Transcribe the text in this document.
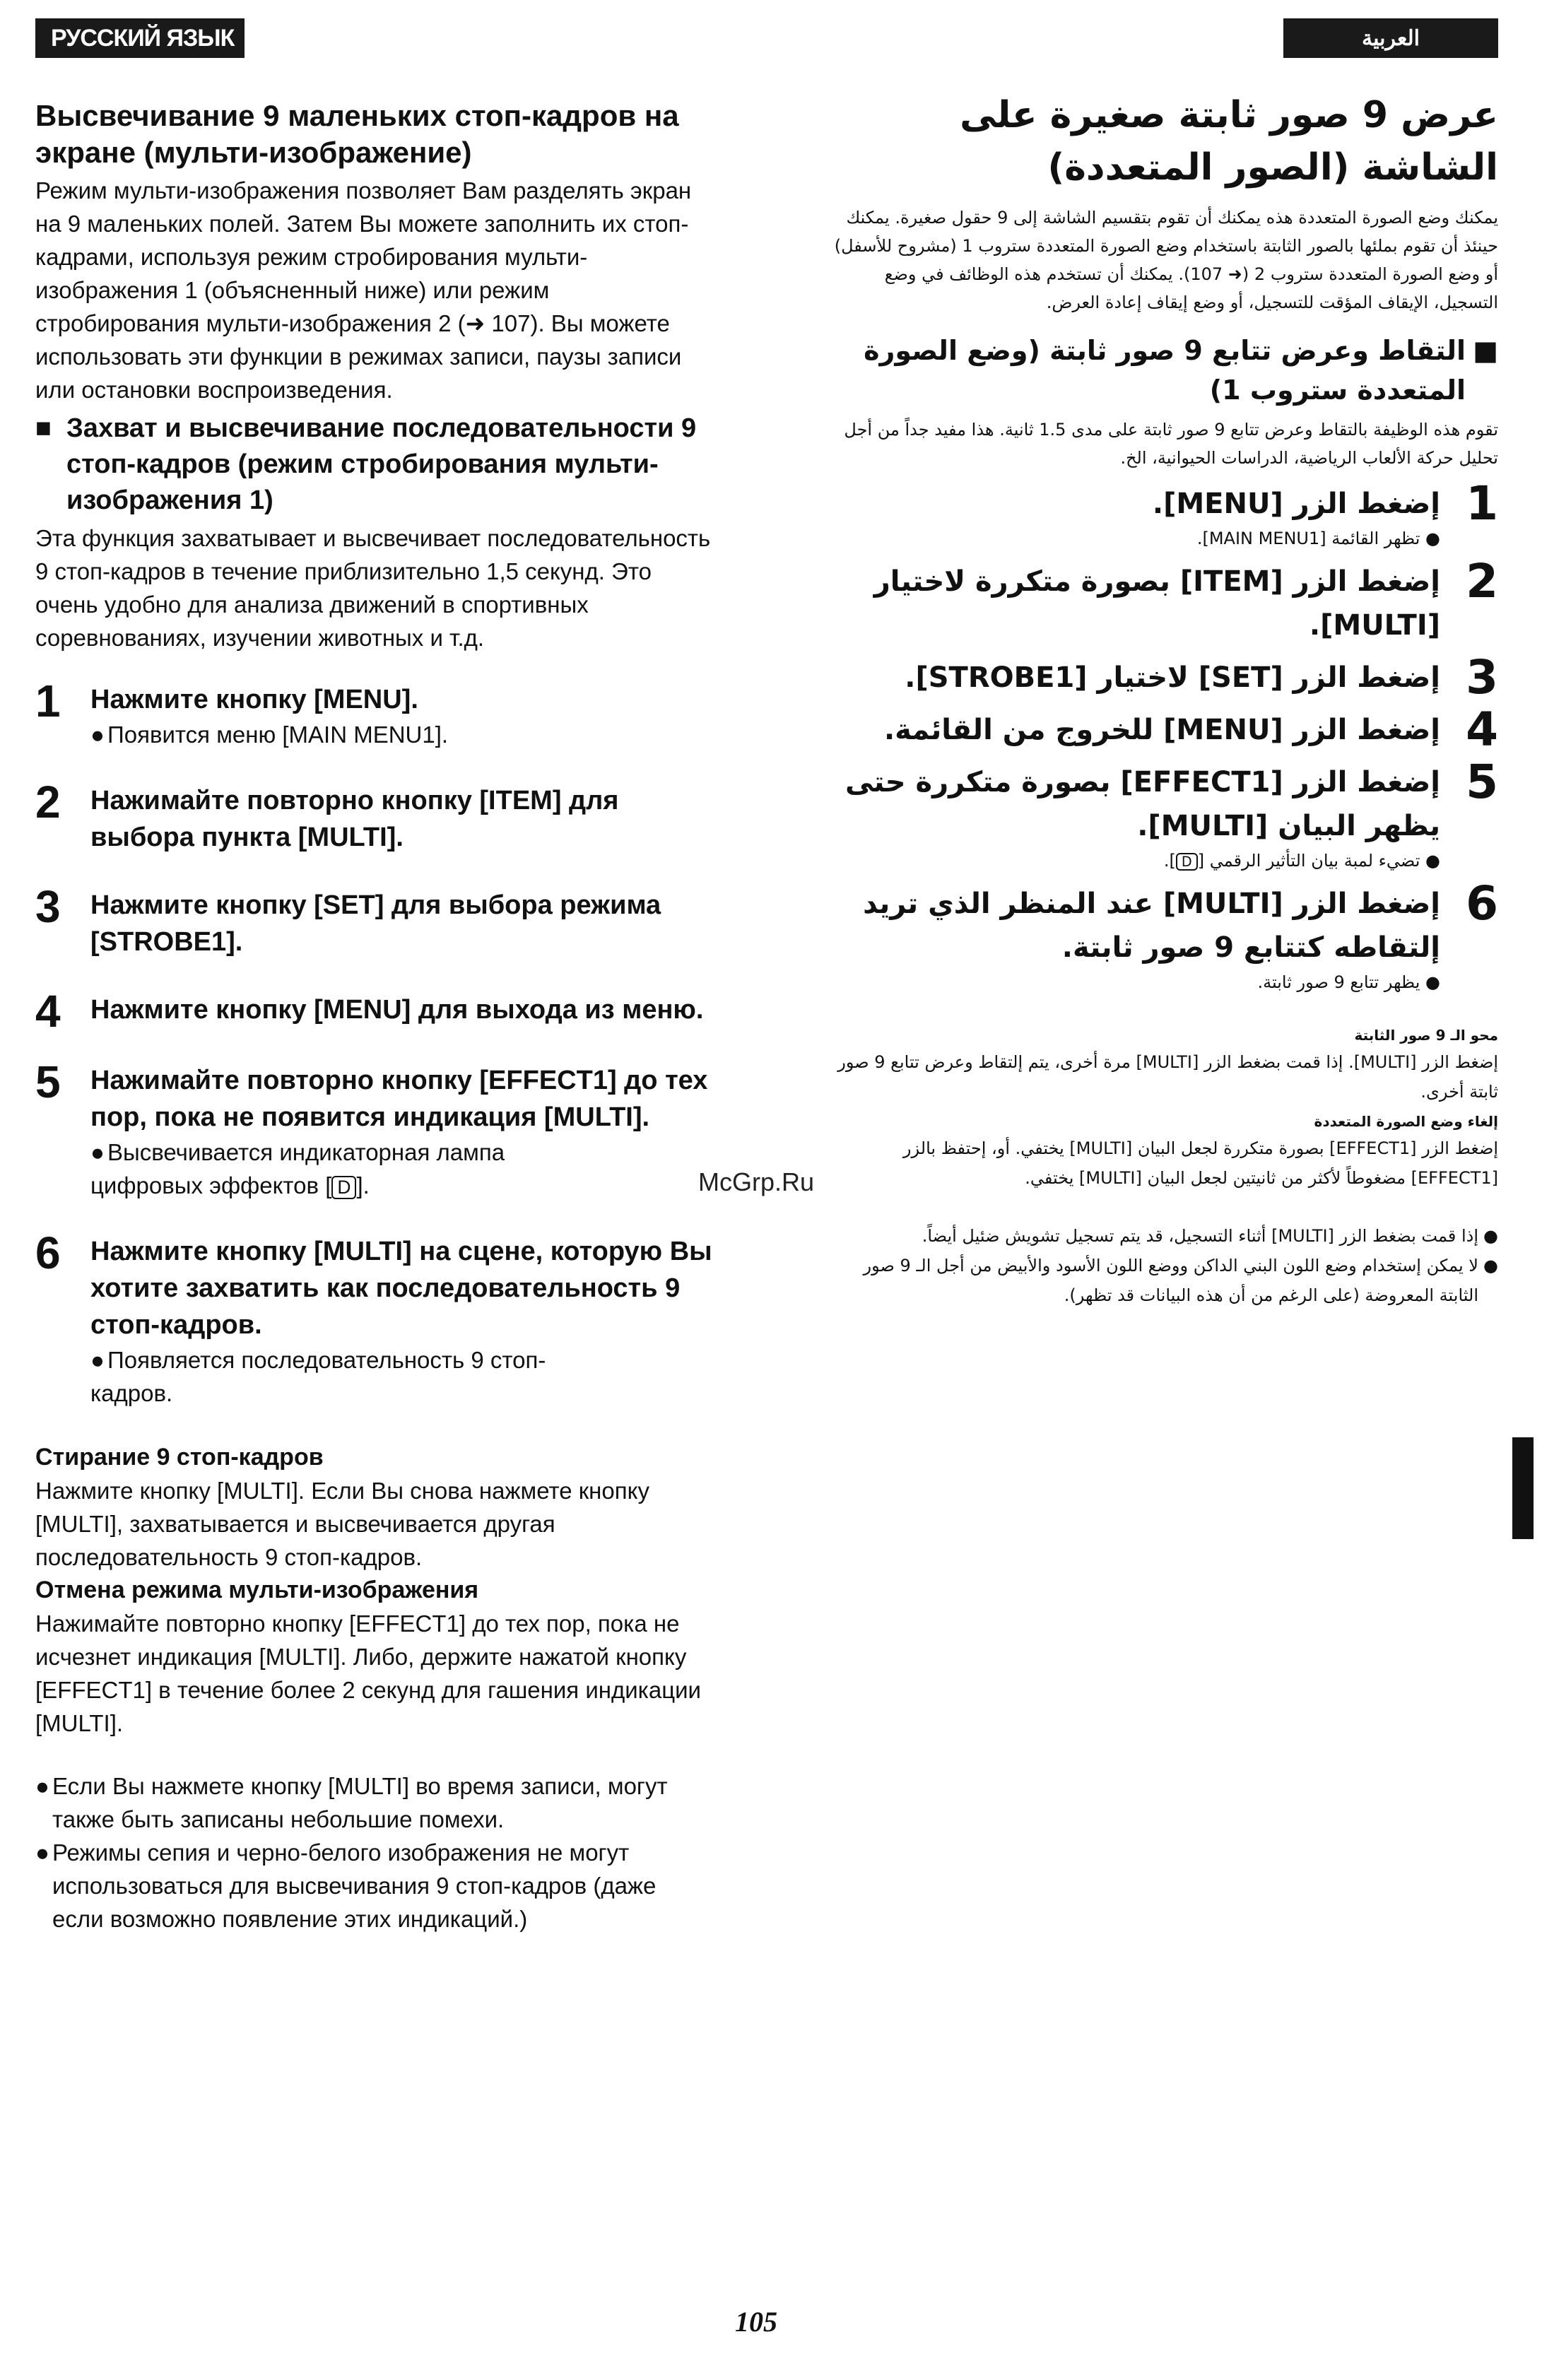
РУССКИЙ ЯЗЫК	العربية
Высвечивание 9 маленьких стоп-кадров на экране (мульти-изображение)

Режим мульти-изображения позволяет Вам разделять экран на 9 маленьких полей. Затем Вы можете заполнить их стоп-кадрами, используя режим стробирования мульти-изображения 1 (объясненный ниже) или режим стробирования мульти-изображения 2 (➜ 107). Вы можете использовать эти функции в режимах записи, паузы записи или остановки воспроизведения.

■ Захват и высвечивание последовательности 9 стоп-кадров (режим стробирования мульти-изображения 1)

Эта функция захватывает и высвечивает последовательность 9 стоп-кадров в течение приблизительно 1,5 секунд. Это очень удобно для анализа движений в спортивных соревнованиях, изучении животных и т.д.

1	Нажмите кнопку [MENU].
● Появится меню [MAIN MENU1].
2	Нажимайте повторно кнопку [ITEM] для выбора пункта [MULTI].
3	Нажмите кнопку [SET] для выбора режима [STROBE1].
4	Нажмите кнопку [MENU] для выхода из меню.
5	Нажимайте повторно кнопку [EFFECT1] до тех пор, пока не появится индикация [MULTI].
● Высвечивается индикаторная лампа
цифровых эффектов [ D ].
6	Нажмите кнопку [MULTI] на сцене, которую Вы хотите захватить как последовательность 9 стоп-кадров.
● Появляется последовательность 9 стоп-
кадров.
Стирание 9 стоп-кадров

Нажмите кнопку [MULTI]. Если Вы снова нажмете кнопку [MULTI], захватывается и высвечивается другая последовательность 9 стоп-кадров.

Отмена режима мульти-изображения

Нажимайте повторно кнопку [EFFECT1] до тех пор, пока не исчезнет индикация [MULTI]. Либо, держите нажатой кнопку [EFFECT1] в течение более 2 секунд для гашения индикации [MULTI].

● Если Вы нажмете кнопку [MULTI] во время записи, могут также быть записаны небольшие помехи.
● Режимы сепия и черно-белого изображения не могут использоваться для высвечивания 9 стоп-кадров (даже если возможно появление этих индикаций.)
عرض 9 صور ثابتة صغيرة على الشاشة (الصور المتعددة)

يمكنك وضع الصورة المتعددة هذه يمكنك أن تقوم بتقسيم الشاشة إلى 9 حقول صغيرة. يمكنك حينئذ أن تقوم بملئها بالصور الثابتة باستخدام وضع الصورة المتعددة ستروب 1 (مشروح للأسفل) أو وضع الصورة المتعددة ستروب 2 (➜ 107). يمكنك أن تستخدم هذه الوظائف في وضع التسجيل، الإيقاف المؤقت للتسجيل، أو وضع إيقاف إعادة العرض.

■
التقاط وعرض تتابع 9 صور ثابتة (وضع الصورة المتعددة ستروب 1)

تقوم هذه الوظيفة بالتقاط وعرض تتابع 9 صور ثابتة على مدى 1.5 ثانية. هذا مفيد جداً من أجل تحليل حركة الألعاب الرياضية، الدراسات الحيوانية، الخ.

1
إضغط الزر [MENU].
● تظهر القائمة [MAIN MENU1].
2
إضغط الزر [ITEM] بصورة متكررة لاختيار [MULTI].
3
إضغط الزر [SET] لاختيار [STROBE1].
4
إضغط الزر [MENU] للخروج من القائمة.
5
إضغط الزر [EFFECT1] بصورة متكررة حتى يظهر البيان [MULTI].
● تضيء لمبة بيان التأثير الرقمي [D].
6
إضغط الزر [MULTI] عند المنظر الذي تريد إلتقاطه كتتابع 9 صور ثابتة.
● يظهر تتابع 9 صور ثابتة.
محو الـ 9 صور الثابتة

إضغط الزر [MULTI]. إذا قمت بضغط الزر [MULTI] مرة أخرى، يتم إلتقاط وعرض تتابع 9 صور ثابتة أخرى.

إلغاء وضع الصورة المتعددة

إضغط الزر [EFFECT1] بصورة متكررة لجعل البيان [MULTI] يختفي. أو، إحتفظ بالزر [EFFECT1] مضغوطاً لأكثر من ثانيتين لجعل البيان [MULTI] يختفي.

●
إذا قمت بضغط الزر [MULTI] أثناء التسجيل، قد يتم تسجيل تشويش ضئيل أيضاً.
●
لا يمكن إستخدام وضع اللون البني الداكن ووضع اللون الأسود والأبيض من أجل الـ 9 صور الثابتة المعروضة (على الرغم من أن هذه البيانات قد تظهر).
McGrp.Ru
105
